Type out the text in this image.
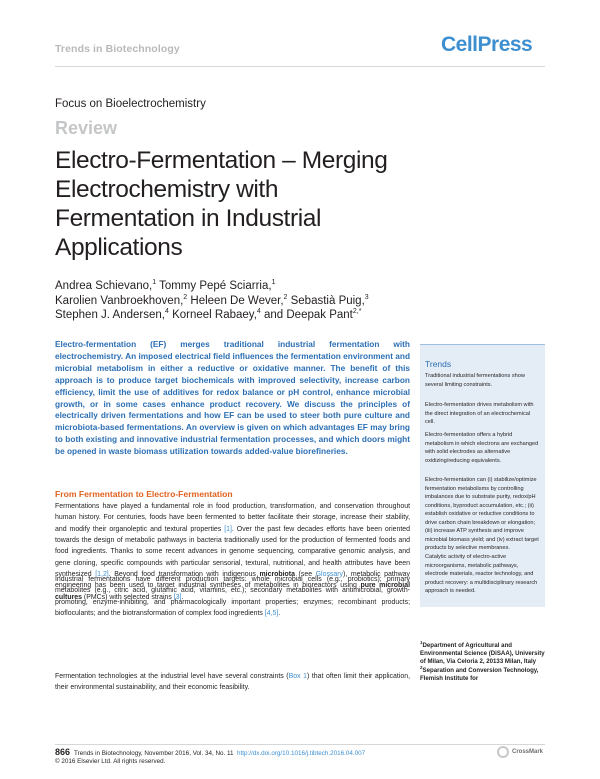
Trends in Biotechnology	CellPress
Focus on Bioelectrochemistry
Review
Electro-Fermentation – Merging Electrochemistry with Fermentation in Industrial Applications
Andrea Schievano,$^1$ Tommy Pepé Sciarria,$^1$
Karolien Vanbroekhoven,$^2$ Heleen De Wever,$^2$ Sebastià Puig,$^3$
Stephen J. Andersen,$^4$ Korneel Rabaey,$^4$ and Deepak Pant$^{2,*}$

Electro-fermentation (EF) merges traditional industrial fermentation with electrochemistry. An imposed electrical field influences the fermentation environment and microbial metabolism in either a reductive or oxidative manner. The benefit of this approach is to produce target biochemicals with improved selectivity, increase carbon efficiency, limit the use of additives for redox balance or pH control, enhance microbial growth, or in some cases enhance product recovery. We discuss the principles of electrically driven fermentations and how EF can be used to steer both pure culture and microbiota-based fermentations. An overview is given on which advantages EF may bring to both existing and innovative industrial fermentation processes, and which doors might be opened in waste biomass utilization towards added-value biorefineries.

From Fermentation to Electro-Fermentation

Fermentations have played a fundamental role in food production, transformation, and conservation throughout human history. For centuries, foods have been fermented to better facilitate their storage, increase their stability, and modify their organoleptic and textural properties [1]. Over the past few decades efforts have been oriented towards the design of metabolic pathways in bacteria traditionally used for the production of fermented foods and food ingredients. Thanks to some recent advances in genome sequencing, comparative genomic analysis, and gene cloning, specific compounds with particular sensorial, textural, nutritional, and health attributes have been synthesized [1,2]. Beyond food transformation with indigenous microbiota (see Glossary), metabolic pathway engineering has been used to target industrial syntheses of metabolites in bioreactors using pure microbial cultures (PMCs) with selected strains [3].

Industrial fermentations have different production targets: whole microbial cells (e.g., probiotics); primary metabolites (e.g., citric acid, glutamic acid, vitamins, etc.); secondary metabolites with antimicrobial, growth-promoting, enzyme-inhibiting, and pharmacologically important properties; enzymes; recombinant products; biofloculants; and the biotransformation of complex food ingredients [4,5].

Fermentation technologies at the industrial level have several constraints (Box 1) that often limit their application, their environmental sustainability, and their economic feasibility.

Trends

Traditional industrial fermentations show several limiting constraints.

Electro-fermentation drives metabolism with the direct integration of an electrochemical cell.

Electro-fermentation offers a hybrid metabolism in which electrons are exchanged with solid electrodes as alternative oxidizing/reducing equivalents.

Electro-fermentation can (i) stabilize/optimize fermentation metabolisms by controlling imbalances due to substrate purity, redox/pH conditions, byproduct accumulation, etc.; (ii) establish oxidative or reductive conditions to drive carbon chain breakdown or elongation; (iii) increase ATP synthesis and improve microbial biomass yield; and (iv) extract target products by selective membranes.

Catalytic activity of electro-active microorganisms, metabolic pathways, electrode materials, reactor technology, and product recovery: a multidisciplinary research approach is needed.

$^1$Department of Agricultural and Environmental Science (DiSAA), University of Milan, Via Celoria 2, 20133 Milan, Italy
$^2$Separation and Conversion Technology, Flemish Institute for
866 Trends in Biotechnology, November 2016, Vol. 34, No. 11 http://dx.doi.org/10.1016/j.tibtech.2016.04.007
© 2016 Elsevier Ltd. All rights reserved.
CrossMark
